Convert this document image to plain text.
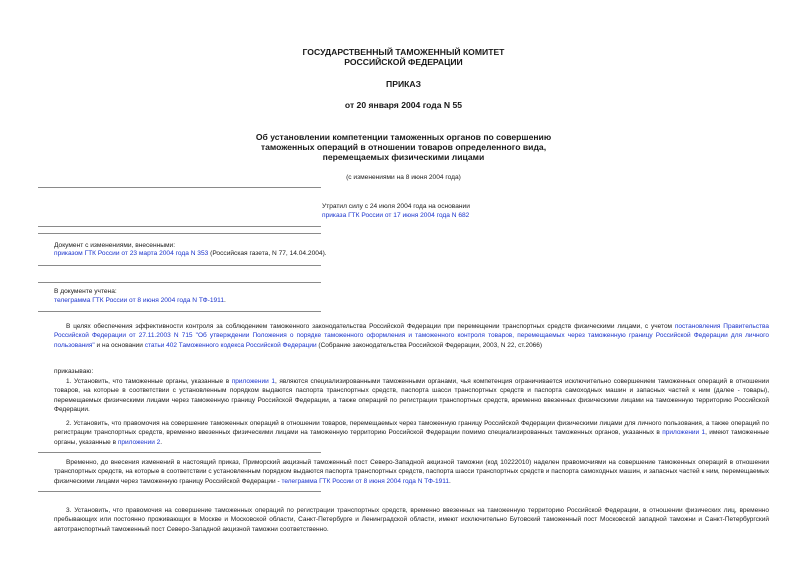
ГОСУДАРСТВЕННЫЙ ТАМОЖЕННЫЙ КОМИТЕТ
РОССИЙСКОЙ ФЕДЕРАЦИИ
ПРИКАЗ
от 20 января 2004 года N 55
Об установлении компетенции таможенных органов по совершению
таможенных операций в отношении товаров определенного вида,
перемещаемых физическими лицами
(с изменениями на 8 июня 2004 года)
Утратил силу с 24 июля 2004 года на основании
приказа ГТК России от 17 июня 2004 года N 682
Документ с изменениями, внесенными:
приказом ГТК России от 23 марта 2004 года N 353 (Российская газета, N 77, 14.04.2004).
В документе учтена:
телеграмма ГТК России от 8 июня 2004 года N ТФ-1911.
В целях обеспечения эффективности контроля за соблюдением таможенного законодательства Российской Федерации при перемещении транспортных средств физическими лицами, с учетом постановления Правительства Российской Федерации от 27.11.2003 N 715 "Об утверждении Положения о порядке таможенного оформления и таможенного контроля товаров, перемещаемых через таможенную границу Российской Федерации для личного пользования" и на основании статьи 402 Таможенного кодекса Российской Федерации (Собрание законодательства Российской Федерации, 2003, N 22, ст.2066)
приказываю:
1. Установить, что таможенные органы, указанные в приложении 1, являются специализированными таможенными органами, чья компетенция ограничивается исключительно совершением таможенных операций в отношении товаров, на которые в соответствии с установленным порядком выдаются паспорта транспортных средств, паспорта шасси транспортных средств и паспорта самоходных машин и запасных частей к ним (далее - товары), перемещаемых физическими лицами через таможенную границу Российской Федерации, а также операций по регистрации транспортных средств, временно ввезенных физическими лицами на таможенную территорию Российской Федерации.
2. Установить, что правомочия на совершение таможенных операций в отношении товаров, перемещаемых через таможенную границу Российской Федерации физическими лицами для личного пользования, а также операций по регистрации транспортных средств, временно ввезенных физическими лицами на таможенную территорию Российской Федерации помимо специализированных таможенных органов, указанных в приложении 1, имеют таможенные органы, указанные в приложении 2.
Временно, до внесения изменений в настоящий приказ, Приморский акцизный таможенный пост Северо-Западной акцизной таможни (код 10222010) наделен правомочиями на совершение таможенных операций в отношении транспортных средств, на которые в соответствии с установленным порядком выдаются паспорта транспортных средств, паспорта шасси транспортных средств и паспорта самоходных машин, и запасных частей к ним, перемещаемых физическими лицами через таможенную границу Российской Федерации - телеграмма ГТК России от 8 июня 2004 года N ТФ-1911.
3. Установить, что правомочия на совершение таможенных операций по регистрации транспортных средств, временно ввезенных на таможенную территорию Российской Федерации, в отношении физических лиц, временно пребывающих или постоянно проживающих в Москве и Московской области, Санкт-Петербурге и Ленинградской области, имеют исключительно Бутовский таможенный пост Московской западной таможни и Санкт-Петербургский автотранспортный таможенный пост Северо-Западной акцизной таможни соответственно.
